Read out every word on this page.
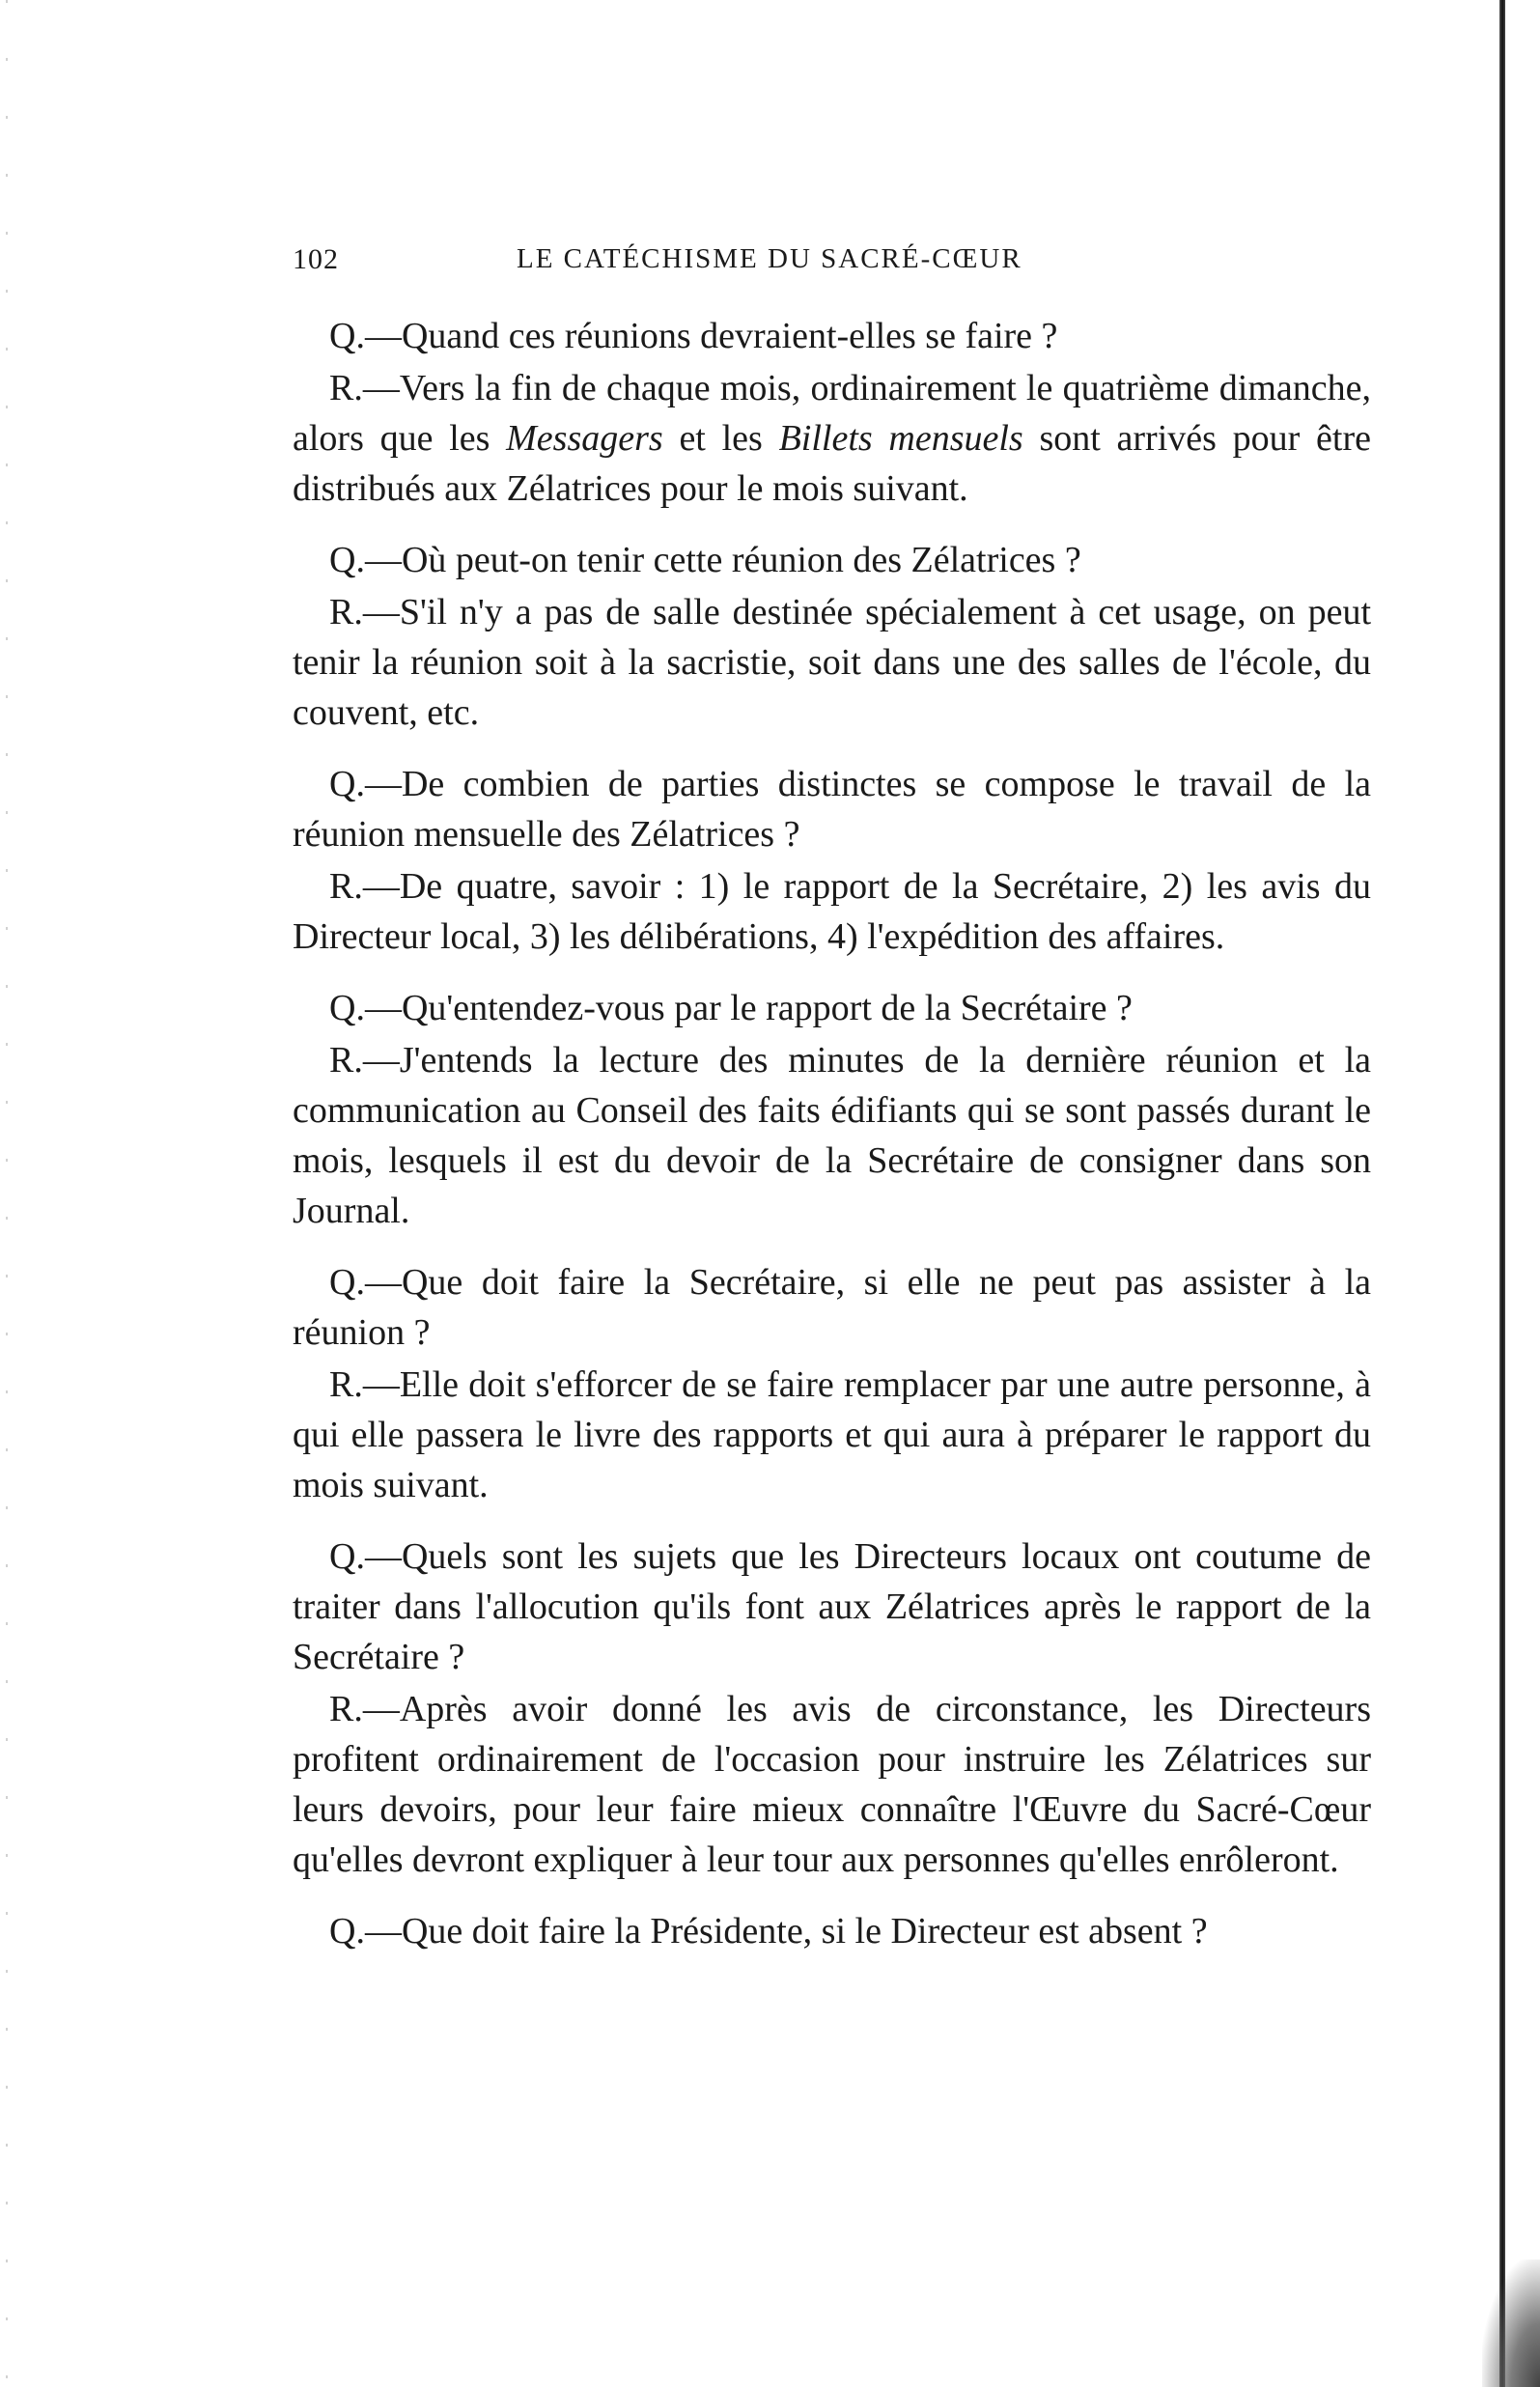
102	LE CATÉCHISME DU SACRÉ-CŒUR

Q.—Quand ces réunions devraient-elles se faire ?

R.—Vers la fin de chaque mois, ordinairement le quatrième dimanche, alors que les Messagers et les Billets mensuels sont arrivés pour être distribués aux Zélatrices pour le mois suivant.

Q.—Où peut-on tenir cette réunion des Zélatrices ?

R.—S'il n'y a pas de salle destinée spécialement à cet usage, on peut tenir la réunion soit à la sacristie, soit dans une des salles de l'école, du couvent, etc.

Q.—De combien de parties distinctes se compose le travail de la réunion mensuelle des Zélatrices ?

R.—De quatre, savoir : 1) le rapport de la Secrétaire, 2) les avis du Directeur local, 3) les délibérations, 4) l'expédition des affaires.

Q.—Qu'entendez-vous par le rapport de la Secrétaire ?

R.—J'entends la lecture des minutes de la dernière réunion et la communication au Conseil des faits édifiants qui se sont passés durant le mois, lesquels il est du devoir de la Secrétaire de consigner dans son Journal.

Q.—Que doit faire la Secrétaire, si elle ne peut pas assister à la réunion ?

R.—Elle doit s'efforcer de se faire remplacer par une autre personne, à qui elle passera le livre des rapports et qui aura à préparer le rapport du mois suivant.

Q.—Quels sont les sujets que les Directeurs locaux ont coutume de traiter dans l'allocution qu'ils font aux Zélatrices après le rapport de la Secrétaire ?

R.—Après avoir donné les avis de circonstance, les Directeurs profitent ordinairement de l'occasion pour instruire les Zélatrices sur leurs devoirs, pour leur faire mieux connaître l'Œuvre du Sacré-Cœur qu'elles devront expliquer à leur tour aux personnes qu'elles enrôleront.

Q.—Que doit faire la Présidente, si le Directeur est absent ?
